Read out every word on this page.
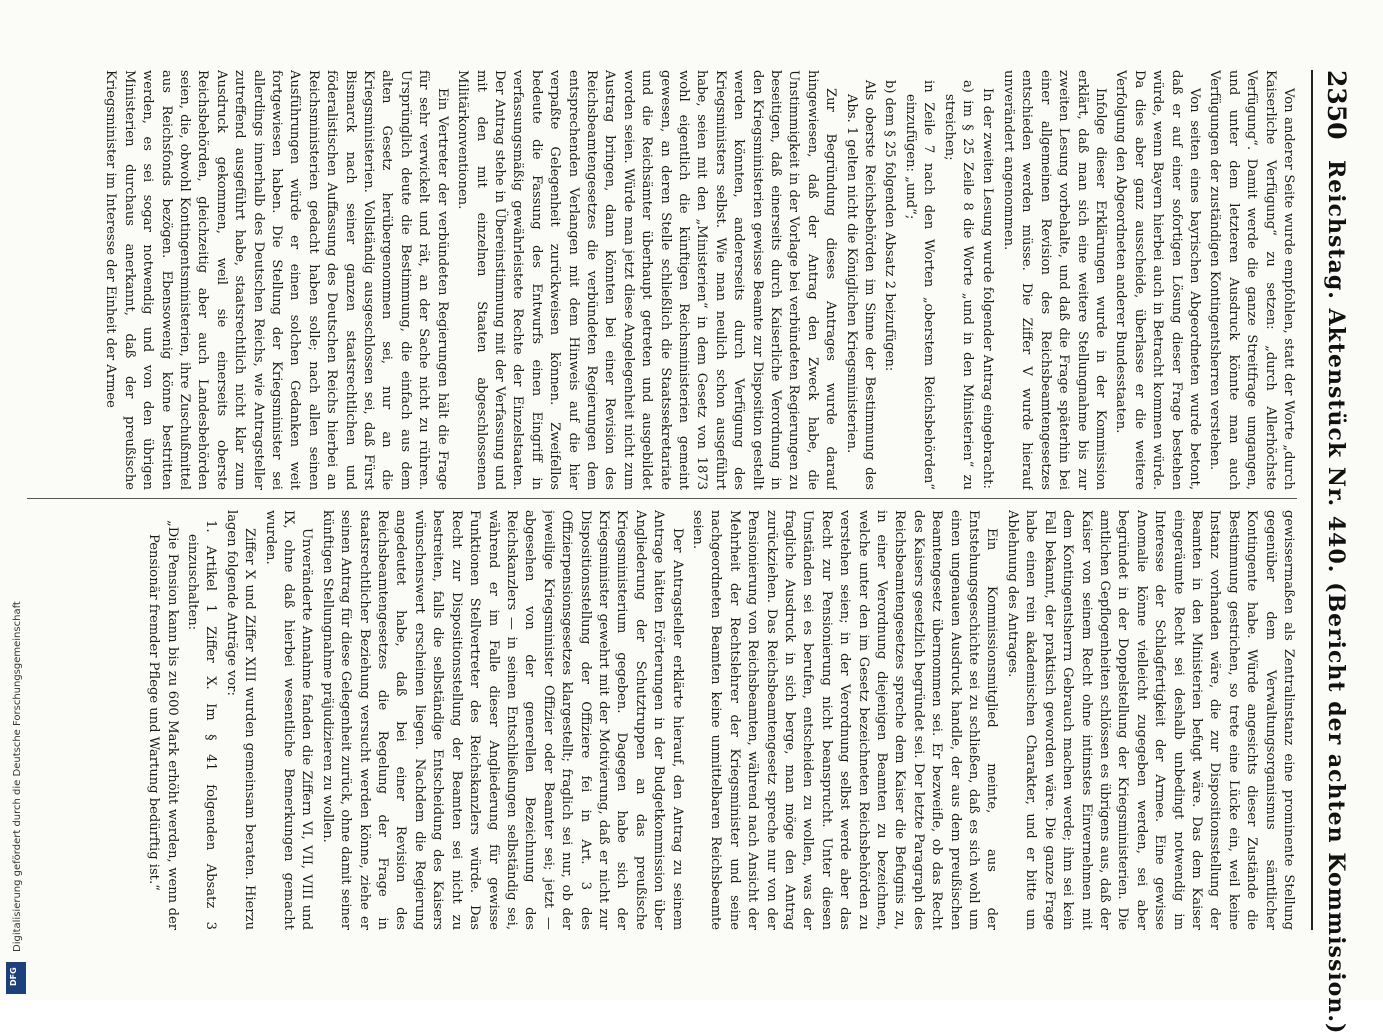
2350
Reichstag. Aktenstück Nr. 440. (Bericht der achten Kommission.)

Von anderer Seite wurde empfohlen, statt der Worte „durch Kaiserliche Verfügung“ zu setzen: „durch Allerhöchste Verfügung“. Damit werde die ganze Streitfrage umgangen, und unter dem letzteren Ausdruck könnte man auch Verfügungen der zuständigen Kontingentsherren verstehen.

Von seiten eines bayrischen Abgeordneten wurde betont, daß er auf einer sofortigen Lösung dieser Frage bestehen würde, wenn Bayern hierbei auch in Betracht kommen würde. Da dies aber ganz ausscheide, überlasse er die weitere Verfolgung den Abgeordneten anderer Bundesstaaten.

Infolge dieser Erklärungen wurde in der Kommission erklärt, daß man sich eine weitere Stellungnahme bis zur zweiten Lesung vorbehalte, und daß die Frage späterhin bei einer allgemeinen Revision des Reichsbeamtengesetzes entschieden werden müsse. Die Ziffer V wurde hierauf unverändert angenommen.

In der zweiten Lesung wurde folgender Antrag eingebracht:

a) im § 25 Zeile 8 die Worte „und in den Ministerien“ zu streichen;

in Zeile 7 nach den Worten „oberstem Reichsbehörden“ einzufügen: „und“;

b) dem § 25 folgenden Absatz 2 beizufügen:

Als oberste Reichsbehörden im Sinne der Bestimmung des Abs. 1 gelten nicht die Königlichen Kriegsministerien.

Zur Begründung dieses Antrages wurde darauf hingewiesen, daß der Antrag den Zweck habe, die Unstimmigkeit in der Vorlage bei verbündeten Regierungen zu beseitigen, daß einerseits durch Kaiserliche Verordnung in den Kriegsministerien gewisse Beamte zur Disposition gestellt werden könnten, andererseits durch Verfügung des Kriegsministers selbst. Wie man neulich schon ausgeführt habe, seien mit den „Ministerien“ in dem Gesetz von 1873 wohl eigentlich die künftigen Reichsministerien gemeint gewesen, an deren Stelle schließlich die Staatssekretariate und die Reichsämter überhaupt getreten und ausgebildet worden seien. Würde man jetzt diese Angelegenheit nicht zum Austrag bringen, dann könnten bei einer Revision des Reichsbeamtengesetzes die verbündeten Regierungen dem entsprechenden Verlangen mit dem Hinweis auf die hier verpaßte Gelegenheit zurückweisen können. Zweifellos bedeute die Fassung des Entwurfs einen Eingriff in verfassungsmäßig gewährleistete Rechte der Einzelstaaten. Der Antrag stehe in Übereinstimmung mit der Verfassung und mit den mit einzelnen Staaten abgeschlossenen Militärkonventionen.

Ein Vertreter der verbündeten Regierungen hält die Frage für sehr verwickelt und rät, an der Sache nicht zu rühren. Ursprünglich deute die Bestimmung, die einfach aus dem alten Gesetz herübergenommen sei, nur an die Kriegsministerien. Vollständig ausgeschlossen sei, daß Fürst Bismarck nach seiner ganzen staatsrechtlichen und föderalistischen Auffassung des Deutschen Reichs hierbei an Reichsministerien gedacht haben solle; nach allen seinen Ausführungen würde er einen solchen Gedanken weit fortgewiesen haben. Die Stellung der Kriegsminister sei allerdings innerhalb des Deutschen Reichs, wie Antragsteller zutreffend ausgeführt habe, staatsrechtlich nicht klar zum Ausdruck gekommen, weil sie einerseits oberste Reichsbehörden, gleichzeitig aber auch Landesbehörden seien, die, obwohl Kontingentsministerien, ihre Zuschußmittel aus Reichsfonds bezögen. Ebensowenig könne bestritten werden, es sei sogar notwendig und von den übrigen Ministerien durchaus anerkannt, daß der preußische Kriegsminister im Interesse der Einheit der Armee

gewissermaßen als Zentralinstanz eine prominente Stellung gegenüber dem Verwaltungsorganismus sämtlicher Kontingente habe. Würde angesichts dieser Zustände die Bestimmung gestrichen, so trete eine Lücke ein, weil keine Instanz vorhanden wäre, die zur Dispositionsstellung der Beamten in den Ministerien befugt wäre. Das dem Kaiser eingeräumte Recht sei deshalb unbedingt notwendig im Interesse der Schlagfertigkeit der Armee. Eine gewisse Anomalie könne vielleicht zugegeben werden, sei aber begründet in der Doppelstellung der Kriegsministerien. Die amtlichen Gepflogenheiten schlössen es übrigens aus, daß der Kaiser von seinem Recht ohne intimstes Einvernehmen mit dem Kontingentsherrn Gebrauch machen werde; ihm sei kein Fall bekannt, der praktisch geworden wäre. Die ganze Frage habe einen rein akademischen Charakter, und er bitte um Ablehnung des Antrages.

Ein Kommissionsmitglied meinte, aus der Entstehungsgeschichte sei zu schließen, daß es sich wohl um einen ungenauen Ausdruck handle, der aus dem preußischen Beamtengesetz übernommen sei. Er bezweifle, ob das Recht des Kaisers gesetzlich begründet sei. Der letzte Paragraph des Reichsbeamtengesetzes spreche dem Kaiser die Befugnis zu, in einer Verordnung diejenigen Beamten zu bezeichnen, welche unter den im Gesetz bezeichneten Reichsbehörden zu verstehen seien; in der Verordnung selbst werde aber das Recht zur Pensionierung nicht beansprucht. Unter diesen Umständen sei es berufen, entscheiden zu wollen, was der fragliche Ausdruck in sich berge, man möge den Antrag zurückziehen. Das Reichsbeamtengesetz spreche nur von der Pensionierung von Reichsbeamten, während nach Ansicht der Mehrheit der Rechtslehrer der Kriegsminister und seine nachgeordneten Beamten keine unmittelbaren Reichsbeamte seien.

Der Antragsteller erklärte hierauf, den Antrag zu seinem Antrage hätten Erörterungen in der Budgetkommission über Angliederung der Schutztruppen an das preußische Kriegsministerium gegeben. Dagegen habe sich der Kriegsminister gewehrt mit der Motivierung, daß er nicht zur Dispositionsstellung der Offiziere fei in Art. 3 des Offizierpensionsgesetzes klargestellt; fraglich sei nur, ob der jeweilige Kriegsminister Offizier oder Beamter sei; jetzt — abgesehen von der generellen Bezeichnung des Reichskanzlers — in seinen Entschließungen selbständig sei, während er im Falle dieser Angliederung für gewisse Funktionen Stellvertreter des Reichskanzlers würde. Das Recht zur Dispositionsstellung der Beamten sei nicht zu bestreiten, falls die selbständige Entscheidung des Kaisers wünschenswert erscheinen liegen. Nachdem die Regierung angedeutet habe, daß bei einer Revision des Reichsbeamtengesetzes die Regelung der Frage in staatsrechtlicher Beziehung versucht werden könne, ziehe er seinen Antrag für diese Gelegenheit zurück, ohne damit seiner künftigen Stellungnahme präjudizieren zu wollen.

Unveränderte Annahme fanden die Ziffern VI, VII, VIII und IX, ohne daß hierbei wesentliche Bemerkungen gemacht wurden.

Ziffer X und Ziffer XIII wurden gemeinsam beraten. Hierzu lagen folgende Anträge vor:

1. Artikel 1 Ziffer X. Im § 41 folgenden Absatz 3 einzuschalten:

„Die Pension kann bis zu 600 Mark erhöht werden, wenn der Pensionär fremder Pflege und Wartung bedürftig ist.“

Digitalisierung gefördert durch die Deutsche Forschungsgemeinschaft
DFG
